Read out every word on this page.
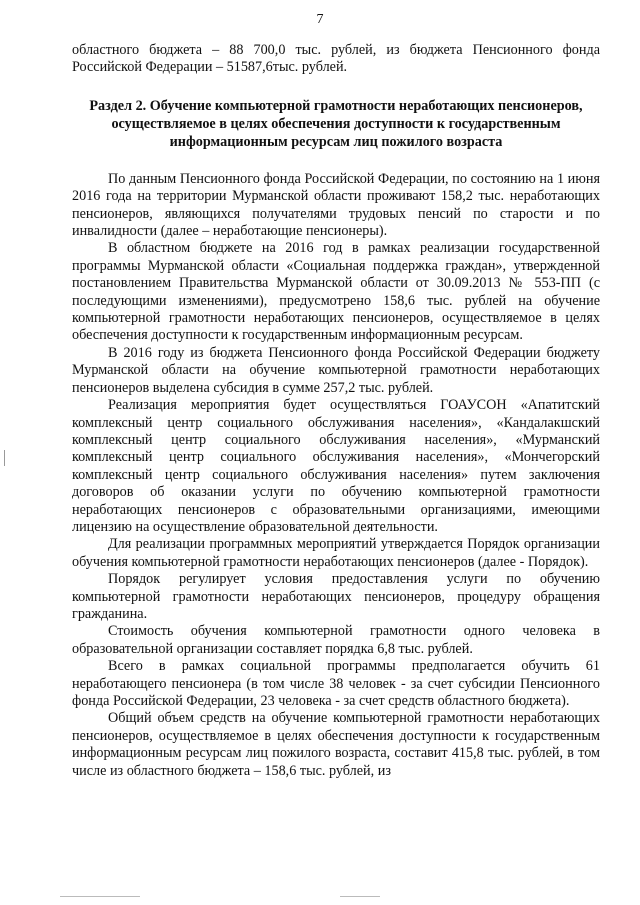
7

областного бюджета – 88 700,0 тыс. рублей, из бюджета Пенсионного фонда Российской Федерации – 51587,6тыс. рублей.

Раздел 2. Обучение компьютерной грамотности неработающих пенсионеров, осуществляемое в целях обеспечения доступности к государственным информационным ресурсам лиц пожилого возраста

По данным Пенсионного фонда Российской Федерации, по состоянию на 1 июня 2016 года на территории Мурманской области проживают 158,2 тыс. неработающих пенсионеров, являющихся получателями трудовых пенсий по старости и по инвалидности (далее – неработающие пенсионеры).

В областном бюджете на 2016 год в рамках реализации государственной программы Мурманской области «Социальная поддержка граждан», утвержденной постановлением Правительства Мурманской области от 30.09.2013 № 553-ПП (с последующими изменениями), предусмотрено 158,6 тыс. рублей на обучение компьютерной грамотности неработающих пенсионеров, осуществляемое в целях обеспечения доступности к государственным информационным ресурсам.

В 2016 году из бюджета Пенсионного фонда Российской Федерации бюджету Мурманской области на обучение компьютерной грамотности неработающих пенсионеров выделена субсидия в сумме 257,2 тыс. рублей.

Реализация мероприятия будет осуществляться ГОАУСОН «Апатитский комплексный центр социального обслуживания населения», «Кандалакшский комплексный центр социального обслуживания населения», «Мурманский комплексный центр социального обслуживания населения», «Мончегорский комплексный центр социального обслуживания населения» путем заключения договоров об оказании услуги по обучению компьютерной грамотности неработающих пенсионеров с образовательными организациями, имеющими лицензию на осуществление образовательной деятельности.

Для реализации программных мероприятий утверждается Порядок организации обучения компьютерной грамотности неработающих пенсионеров (далее - Порядок).

Порядок регулирует условия предоставления услуги по обучению компьютерной грамотности неработающих пенсионеров, процедуру обращения гражданина.

Стоимость обучения компьютерной грамотности одного человека в образовательной организации составляет порядка 6,8 тыс. рублей.

Всего в рамках социальной программы предполагается обучить 61 неработающего пенсионера (в том числе 38 человек - за счет субсидии Пенсионного фонда Российской Федерации, 23 человека - за счет средств областного бюджета).

Общий объем средств на обучение компьютерной грамотности неработающих пенсионеров, осуществляемое в целях обеспечения доступности к государственным информационным ресурсам лиц пожилого возраста, составит 415,8 тыс. рублей, в том числе из областного бюджета – 158,6 тыс. рублей, из
